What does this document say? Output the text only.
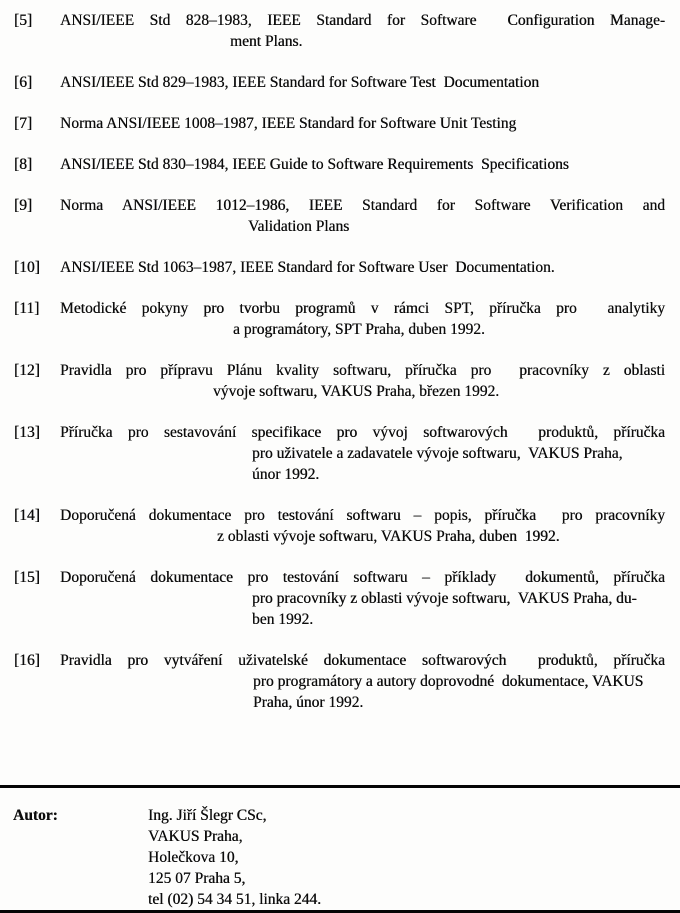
[5]	ANSI/IEEE Std 828–1983, IEEE Standard for Software  Configuration Manage-
ment Plans.
[6]	ANSI/IEEE Std 829–1983, IEEE Standard for Software Test  Documentation
[7]	Norma ANSI/IEEE 1008–1987, IEEE Standard for Software Unit Testing
[8]	ANSI/IEEE Std 830–1984, IEEE Guide to Software Requirements  Specifications
[9]	Norma ANSI/IEEE 1012–1986, IEEE Standard for Software Verification and
Validation Plans
[10]	ANSI/IEEE Std 1063–1987, IEEE Standard for Software User  Documentation.
[11]	Metodické pokyny pro tvorbu programů v rámci SPT, příručka pro  analytiky
a programátory, SPT Praha, duben 1992.
[12]	Pravidla pro přípravu Plánu kvality softwaru, příručka pro  pracovníky z oblasti
vývoje softwaru, VAKUS Praha, březen 1992.
[13]	Příručka pro sestavování specifikace pro vývoj softwarových  produktů, příručka
pro uživatele a zadavatele vývoje softwaru,  VAKUS Praha,
únor 1992.
[14]	Doporučená dokumentace pro testování softwaru – popis, příručka  pro pracovníky
z oblasti vývoje softwaru, VAKUS Praha, duben  1992.
[15]	Doporučená dokumentace pro testování softwaru – příklady  dokumentů, příručka
pro pracovníky z oblasti vývoje softwaru,  VAKUS Praha, du-
ben 1992.
[16]	Pravidla pro vytváření uživatelské dokumentace softwarových  produktů, příručka
pro programátory a autory doprovodné  dokumentace, VAKUS
Praha, únor 1992.
Autor:	Ing. Jiří Šlegr CSc,
VAKUS Praha,
Holečkova 10,
125 07 Praha 5,
tel (02) 54 34 51, linka 244.
